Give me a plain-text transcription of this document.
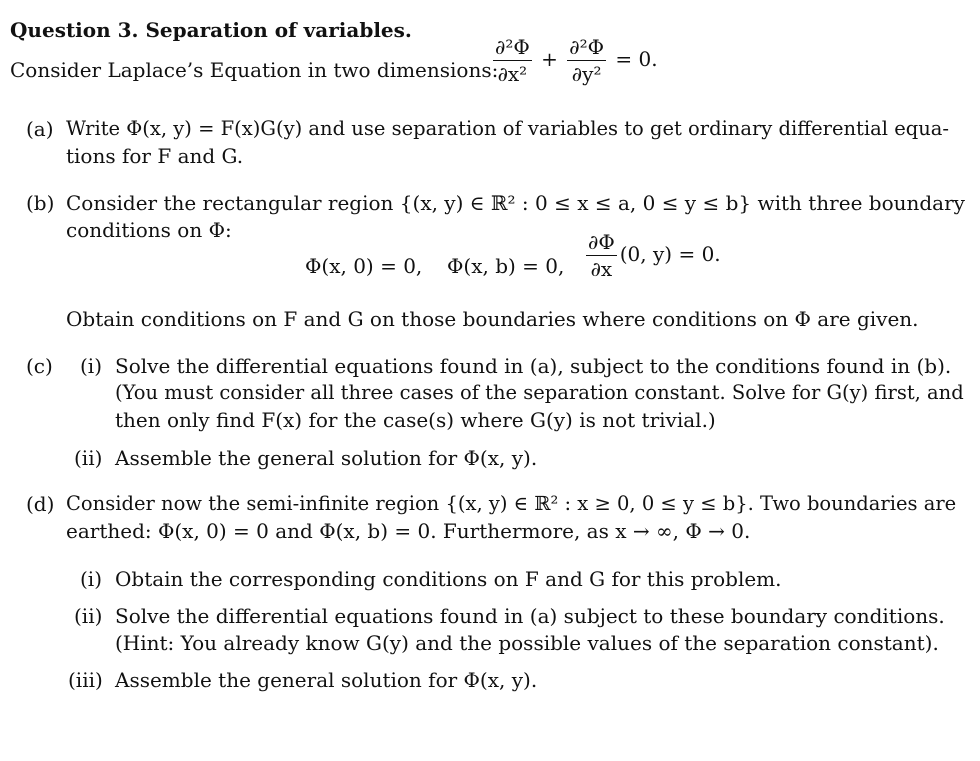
Question 3. Separation of variables.
Consider Laplace’s Equation in two dimensions:
$\frac{\text{∂²Φ}}{\text{∂x²}} + \frac{\text{∂²Φ}}{\text{∂y²}} = 0$.
(a) Write Φ(x, y) = F(x)G(y) and use separation of variables to get ordinary differential equa-
tions for F and G.
(b) Consider the rectangular region {(x, y) ∈ ℝ² : 0 ≤ x ≤ a, 0 ≤ y ≤ b} with three boundary
conditions on Φ:
Φ(x, 0) = 0, Φ(x, b) = 0, $\frac{\partial\Phi}{\partial x} (0$, y) = 0.
Obtain conditions on F and G on those boundaries where conditions on Φ are given.
(c) (i) Solve the differential equations found in (a), subject to the conditions found in (b).
(You must consider all three cases of the separation constant. Solve for G(y) first, and
then only find F(x) for the case(s) where G(y) is not trivial.)
(ii) Assemble the general solution for Φ(x, y).
(d) Consider now the semi-infinite region {(x, y) ∈ ℝ² : x ≥ 0, 0 ≤ y ≤ b}. Two boundaries are
earthed: Φ(x, 0) = 0 and Φ(x, b) = 0. Furthermore, as x → ∞, Φ → 0.
(i) Obtain the corresponding conditions on F and G for this problem.
(ii) Solve the differential equations found in (a) subject to these boundary conditions.
(Hint: You already know G(y) and the possible values of the separation constant).
(iii) Assemble the general solution for Φ(x, y).
